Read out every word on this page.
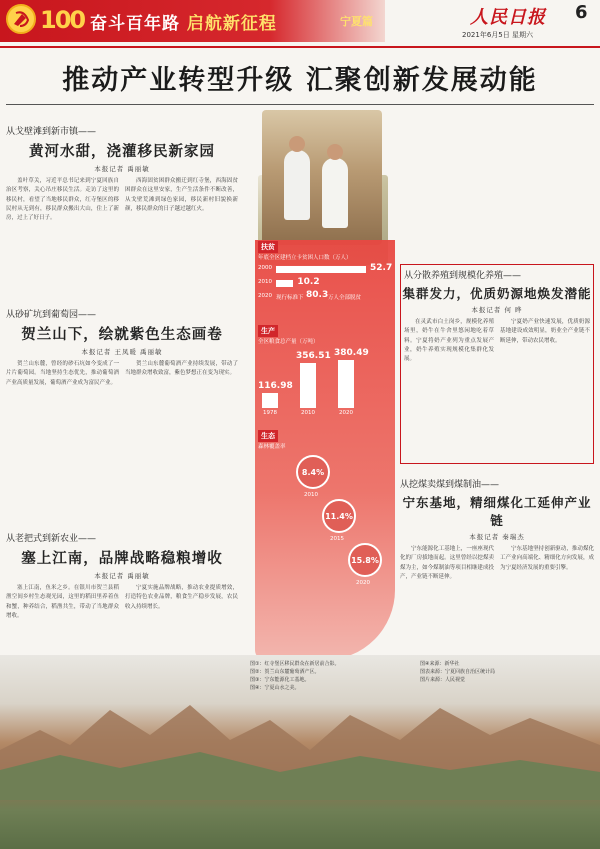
100 奋斗百年路 启航新征程	宁夏篇	人民日报 6
2021年6月5日 星期六
推动产业转型升级 汇聚创新发展动能
从戈壁滩到新市镇——
黄河水甜，浇灌移民新家园
本报记者 禹丽敏

盖叶草关，习近平总书记来到宁夏回族自治区考察，关心吊庄移民生活。走访了这里的移民村，看望了当地移民群众，红寺堡区的移民村从无到有，移民群众搬出大山，住上了新房，过上了好日子。

西海固贫困群众搬迁到红寺堡，西海固贫困群众在这里安家，生产生活条件不断改善，从戈壁荒滩到绿色家园，移民新村旧貌换新颜，移民群众的日子越过越红火。

从砂矿坑到葡萄园——
贺兰山下，绘就紫色生态画卷
本报记者 王凤暖 禹丽敏

贺兰山东麓，曾经的砂石坑如今变成了一片片葡萄园。当地坚持生态优先，推动葡萄酒产业高质量发展，葡萄酒产业成为富民产业。

贺兰山东麓葡萄酒产业持续发展，带动了当地群众增收致富，紫色梦想正在变为现实。

从老把式到新农业——
塞上江南，品牌战略稳粮增收
本报记者 禹丽敏

塞上江南，鱼米之乡。在银川市贺兰县稻渔空间乡村生态观光园，这里的稻田里养着鱼和蟹，种养结合，稻渔共生，带动了当地群众增收。

宁夏实施品牌战略，推动农业提质增效，打造特色农业品牌，粮食生产稳步发展，农民收入持续增长。

扶贫
年底全区建档立卡贫困人口数（万人）
2000	52.7
2010	10.2
2020 现行标准下 80.3 万人全部脱贫
生产
全区粮食总产量（万吨）
116.98
1978
356.51
2010
380.49
2020
生态
森林覆盖率
8.4%
2010
11.4%
2015
15.8%
2020
从分散养殖到规模化养殖——
集群发力，优质奶源地焕发潜能
本报记者 何 晔

在灵武市白土岗乡，规模化养殖场里，奶牛在牛舍里悠闲地吃着草料。宁夏将奶产业列为重点发展产业，奶牛养殖实现规模化集群化发展。

宁夏奶产业快速发展，优质奶源基地建设成效明显，奶业全产业链不断延伸，带动农民增收。

从挖煤卖煤到煤制油——
宁东基地，精细煤化工延伸产业链
本报记者 秦瑞杰

宁东能源化工基地上，一座座现代化的厂房拔地而起。这里曾经以挖煤卖煤为主，如今煤制油等项目相继建成投产，产业链不断延伸。

宁东基地坚持创新驱动，推动煤化工产业向高端化、精细化方向发展，成为宁夏经济发展的重要引擎。

图①：红寺堡区移民群众在新居前合影。
图②：贺兰山东麓葡萄酒产区。
图③：宁东能源化工基地。
图④：宁夏山水之美。
图④来源：新华社
图表来源：宁夏回族自治区统计局
图片来源：人民视觉
